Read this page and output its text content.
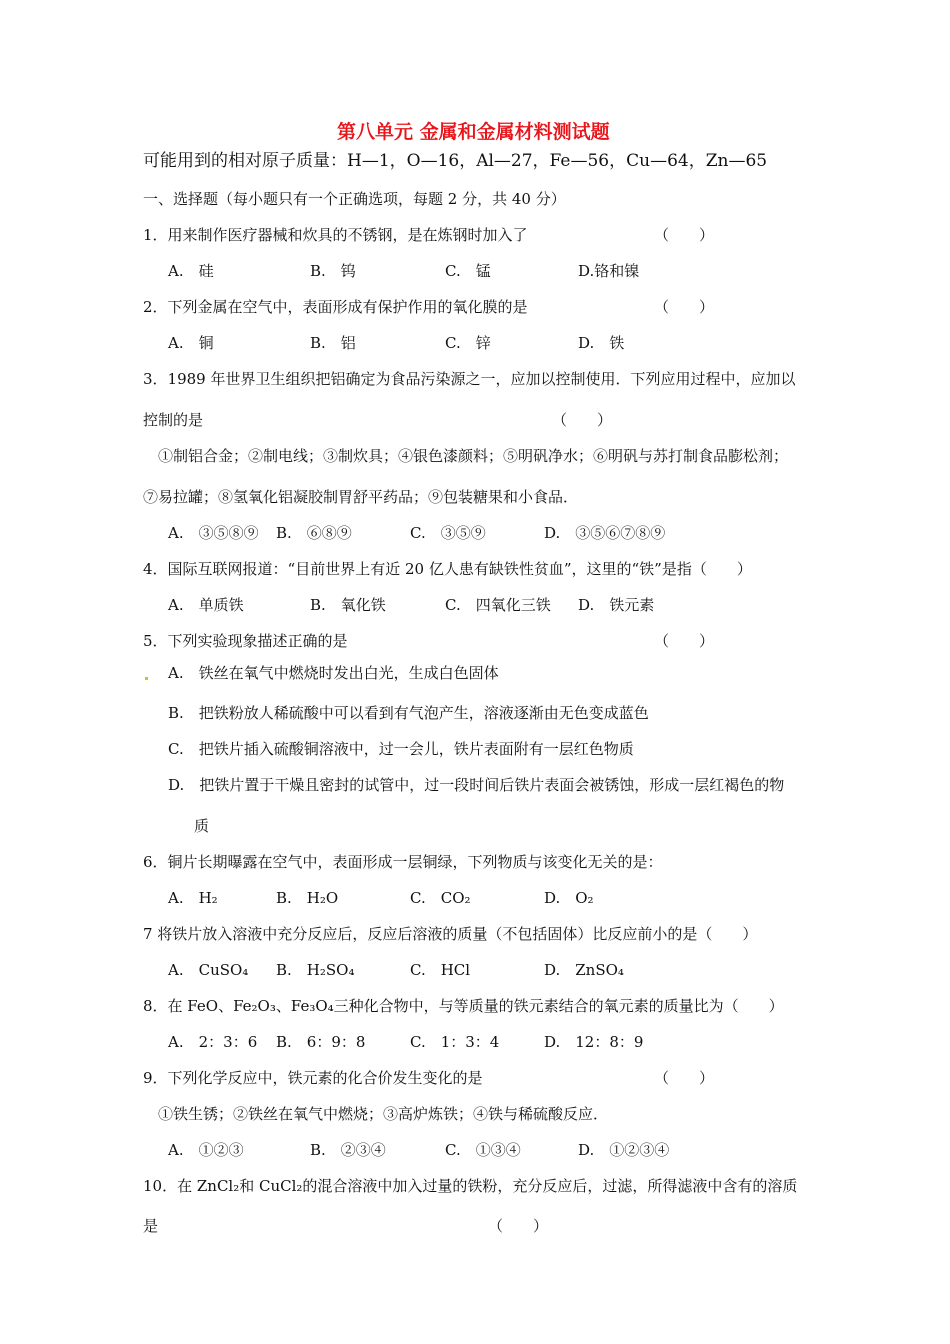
第八单元 金属和金属材料测试题
可能用到的相对原子质量：H—1，O—16，Al—27，Fe—56，Cu—64，Zn—65
一、选择题（每小题只有一个正确选项，每题 2 分，共 40 分）
1．用来制作医疗器械和炊具的不锈钢，是在炼钢时加入了	（　　）
A.　硅	B.　钨	C.　锰	D.铬和镍
2．下列金属在空气中，表面形成有保护作用的氧化膜的是	（　　）
A.　铜	B.　铝	C.　锌	D.　铁
3．1989 年世界卫生组织把铝确定为食品污染源之一，应加以控制使用．下列应用过程中，应加以
控制的是	（　　）
①制铝合金；②制电线；③制炊具；④银色漆颜料；⑤明矾净水；⑥明矾与苏打制食品膨松剂；
⑦易拉罐；⑧氢氧化铝凝胶制胃舒平药品；⑨包装糖果和小食品．
A.　③⑤⑧⑨ B.　⑥⑧⑨	C.　③⑤⑨	D.　③⑤⑥⑦⑧⑨
4．国际互联网报道：“目前世界上有近 20 亿人患有缺铁性贫血”，这里的“铁”是指（　　）
A.　单质铁	B.　氧化铁	C.　四氧化三铁 D.　铁元素
5．下列实验现象描述正确的是	（　　）
A.　铁丝在氧气中燃烧时发出白光，生成白色固体
B.　把铁粉放人稀硫酸中可以看到有气泡产生，溶液逐渐由无色变成蓝色
C.　把铁片插入硫酸铜溶液中，过一会儿，铁片表面附有一层红色物质
D.　把铁片置于干燥且密封的试管中，过一段时间后铁片表面会被锈蚀，形成一层红褐色的物
质
6．铜片长期曝露在空气中，表面形成一层铜绿，下列物质与该变化无关的是：
A.　H₂	B.　H₂O	C.　CO₂	D.　O₂
7 将铁片放入溶液中充分反应后，反应后溶液的质量（不包括固体）比反应前小的是（　　）
A.　CuSO₄ B.　H₂SO₄	C.　HCl	D.　ZnSO₄
8．在 FeO、Fe₂O₃、Fe₃O₄三种化合物中，与等质量的铁元素结合的氧元素的质量比为（　　）
A.　2：3：6 B.　6：9：8	C.　1：3：4	D.　12：8：9
9．下列化学反应中，铁元素的化合价发生变化的是	（　　）
①铁生锈；②铁丝在氧气中燃烧；③高炉炼铁；④铁与稀硫酸反应．
A.　①②③	B.　②③④	C.　①③④	D.　①②③④
10．在 ZnCl₂和 CuCl₂的混合溶液中加入过量的铁粉，充分反应后，过滤，所得滤液中含有的溶质
是	（　　）
